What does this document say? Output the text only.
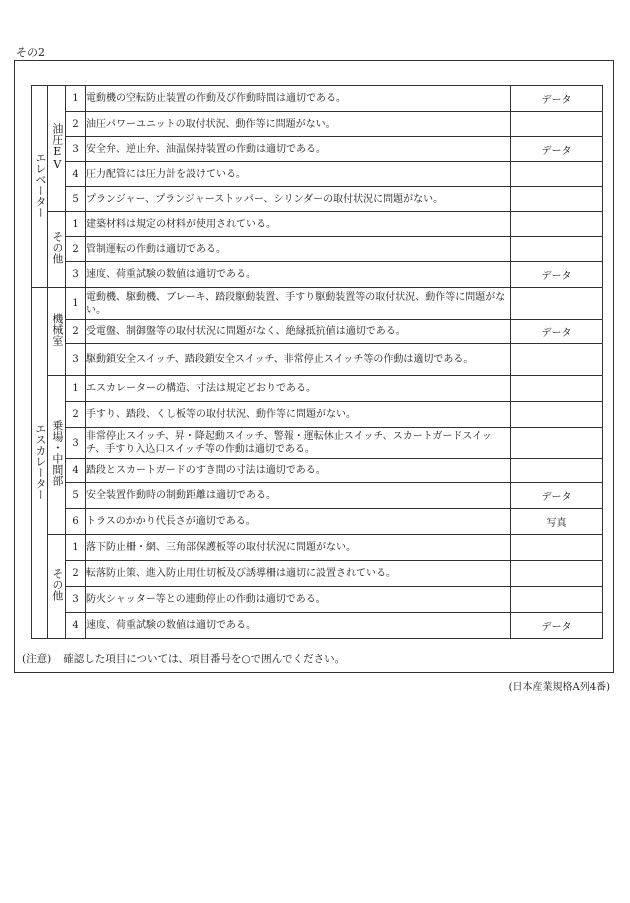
その2
エレベーター	油圧EV	1	電動機の空転防止装置の作動及び作動時間は適切である。	データ
		2	油圧パワーユニットの取付状況、動作等に問題がない。	
		3	安全弁、逆止弁、油温保持装置の作動は適切である。	データ
		4	圧力配管には圧力計を設けている。	
		5	プランジャー、プランジャーストッパー、シリンダーの取付状況に問題がない。	
	その他	1	建築材料は規定の材料が使用されている。	
		2	管制運転の作動は適切である。	
		3	速度、荷重試験の数値は適切である。	データ
エスカレーター	機械室	1	電動機、駆動機、ブレーキ、踏段駆動装置、手すり駆動装置等の取付状況、動作等に問題がない。	
		2	受電盤、制御盤等の取付状況に問題がなく、絶縁抵抗値は適切である。	データ
		3	駆動鎖安全スイッチ、踏段鎖安全スイッチ、非常停止スイッチ等の作動は適切である。	
	乗場・中間部	1	エスカレーターの構造、寸法は規定どおりである。	
		2	手すり、踏段、くし板等の取付状況、動作等に問題がない。	
		3	非常停止スイッチ、昇・降起動スイッチ、警報・運転休止スイッチ、スカートガードスイッチ、手すり入込口スイッチ等の作動は適切である。	
		4	踏段とスカートガードのすき間の寸法は適切である。	
		5	安全装置作動時の制動距離は適切である。	データ
		6	トラスのかかり代長さが適切である。	写真
	その他	1	落下防止柵・網、三角部保護板等の取付状況に問題がない。	
		2	転落防止策、進入防止用仕切板及び誘導柵は適切に設置されている。	
		3	防火シャッター等との連動停止の作動は適切である。	
		4	速度、荷重試験の数値は適切である。	データ
(注意) 確認した項目については、項目番号を○で囲んでください。
(日本産業規格A列4番)
